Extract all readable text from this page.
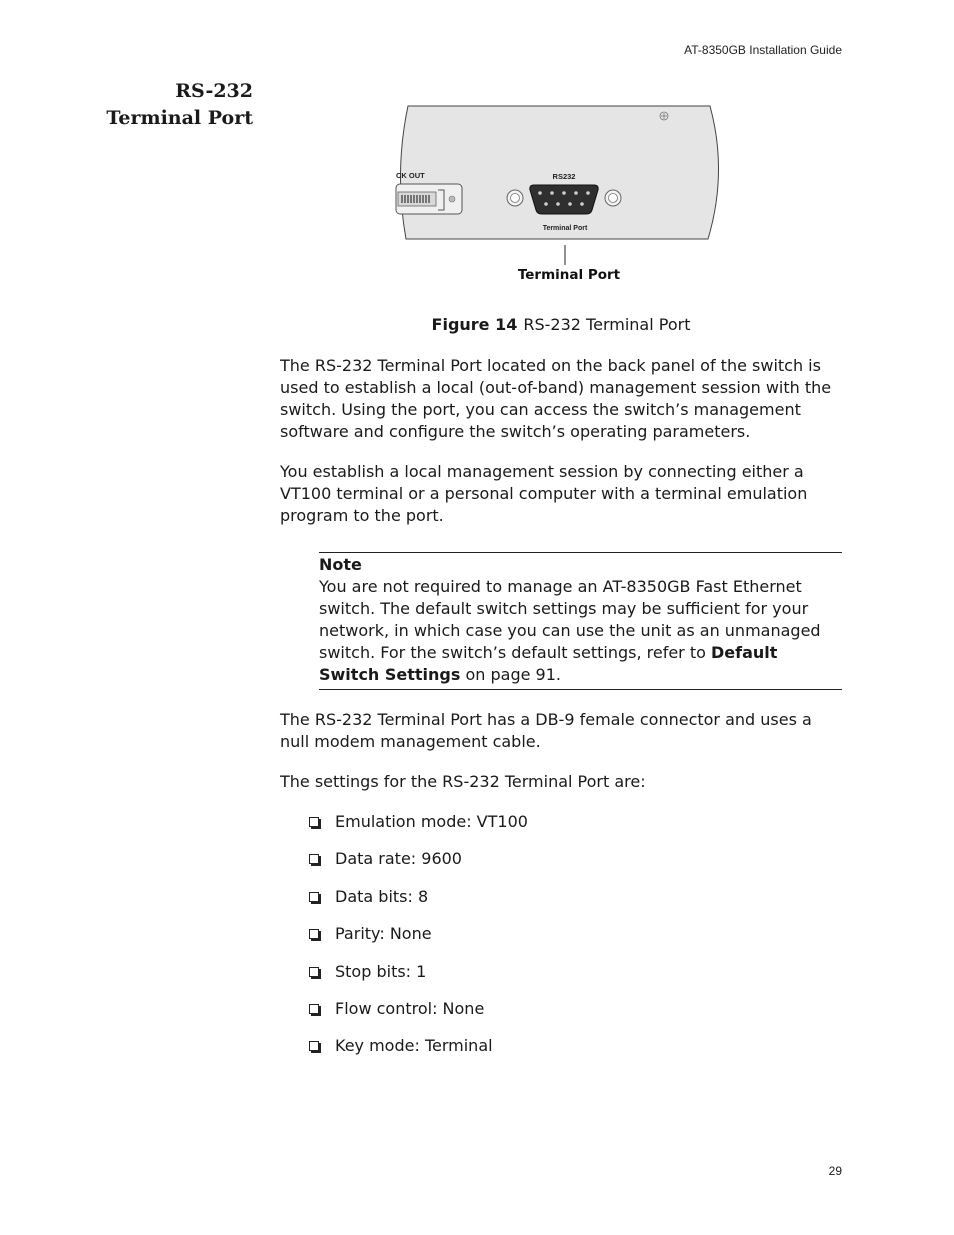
AT-8350GB Installation Guide
RS-232
Terminal Port
CK OUT	RS232
Terminal Port
Terminal Port
Figure 14 RS-232 Terminal Port

The RS-232 Terminal Port located on the back panel of the switch is used to establish a local (out-of-band) management session with the switch. Using the port, you can access the switch’s management software and configure the switch’s operating parameters.

You establish a local management session by connecting either a VT100 terminal or a personal computer with a terminal emulation program to the port.

Note
You are not required to manage an AT-8350GB Fast Ethernet switch. The default switch settings may be sufficient for your network, in which case you can use the unit as an unmanaged switch. For the switch’s default settings, refer to Default Switch Settings on page 91.

The RS-232 Terminal Port has a DB-9 female connector and uses a null modem management cable.

The settings for the RS-232 Terminal Port are:

Emulation mode: VT100
Data rate: 9600
Data bits: 8
Parity: None
Stop bits: 1
Flow control: None
Key mode: Terminal
29
